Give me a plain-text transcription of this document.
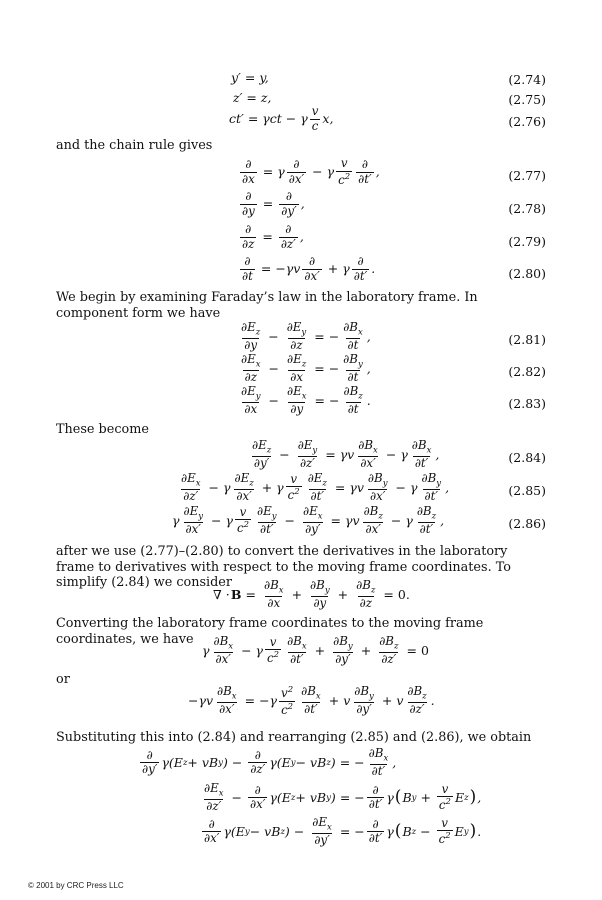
y′ = y,	(2.74)
z′ = z,	(2.75)
ct′ = γct − γ $\frac{v}{c} x$,	(2.76)
and the chain rule gives
$\frac{\partial}{\partial x} = \gamma \frac{\partial}{\partial x'} - \gamma \frac{v}{c^2} \frac{\partial}{\partial t'}$ ,	(2.77)
$\frac{\partial}{\partial y} = \frac{\partial}{\partial y'}$ ,	(2.78)
$\frac{\partial}{\partial z} = \frac{\partial}{\partial z'}$ ,	(2.79)
$\frac{\partial}{\partial t} = -\gamma v \frac{\partial}{\partial x'} + \gamma \frac{\partial}{\partial t'}$ .	(2.80)
We begin by examining Faraday’s law in the laboratory frame. In component form we have
$\frac{\partial E_z}{\partial y} - \frac{\partial E_y}{\partial z}$ = − $\frac{\partial B_x}{\partial t}$ ,	(2.81)
$\frac{\partial E_x}{\partial z} - \frac{\partial E_z}{\partial x}$ = − $\frac{\partial B_y}{\partial t}$ ,	(2.82)
$\frac{\partial E_y}{\partial x} - \frac{\partial E_x}{\partial y}$ = − $\frac{\partial B_z}{\partial t}$ .	(2.83)
These become
$\frac{\partial E_z}{\partial y'} - \frac{\partial E_y}{\partial z'} = \gamma v \frac{\partial B_x}{\partial x'} - \gamma \frac{\partial B_x}{\partial t'}$ ,	(2.84)
$\frac{\partial E_x}{\partial z'} - \gamma \frac{\partial E_z}{\partial x'} + \gamma \frac{v}{c^2} \frac{\partial E_z}{\partial t'} = \gamma v \frac{\partial B_y}{\partial x'} - \gamma \frac{\partial B_y}{\partial t'}$ ,	(2.85)
γ $\frac{\partial E_y}{\partial x'} - \gamma \frac{v}{c^2} \frac{\partial E_y}{\partial t'} - \frac{\partial E_x}{\partial y'} = \gamma v \frac{\partial B_z}{\partial x'} - \gamma \frac{\partial B_z}{\partial t'}$ ,	(2.86)
after we use (2.77)–(2.80) to convert the derivatives in the laboratory frame to derivatives with respect to the moving frame coordinates. To simplify (2.84) we consider
∇ ·  $B = \frac{\partial B_x}{\partial x} + \frac{\partial B_y}{\partial y} + \frac{\partial B_z}{\partial z} = 0$.
Converting the laboratory frame coordinates to the moving frame coordinates, we have
γ $\frac{\partial B_x}{\partial x'} - \gamma \frac{v}{c^2} \frac{\partial B_x}{\partial t'} + \frac{\partial B_y}{\partial y'} + \frac{\partial B_z}{\partial z'} = 0$
or
$-\gamma v \frac{\partial B_x}{\partial x'} = -\gamma \frac{v^2}{c^2} \frac{\partial B_x}{\partial t'} + v \frac{\partial B_y}{\partial y'} + v \frac{\partial B_z}{\partial z'}$ .
Substituting this into (2.84) and rearranging (2.85) and (2.86), we obtain
$\frac{\partial}{\partial y'} \gamma(E$ z + vB y ) − $\frac{\partial}{\partial z'} \gamma(E$ y − vB z ) = − $\frac{\partial B_x}{\partial t'}$ ,
$\frac{\partial E_x}{\partial z'} - \frac{\partial}{\partial x'} \gamma(E$ z + vB y ) = − $\frac{\partial}{\partial t'}$ γ ( B $y + \frac{v}{c^2}$ E z ) ,
$\frac{\partial}{\partial x'} \gamma(E$ y − vB z ) − $\frac{\partial E_x}{\partial y'}$ = − $\frac{\partial}{\partial t'}$ γ ( B $z - \frac{v}{c^2}$ E y ) .
© 2001 by CRC Press LLC
